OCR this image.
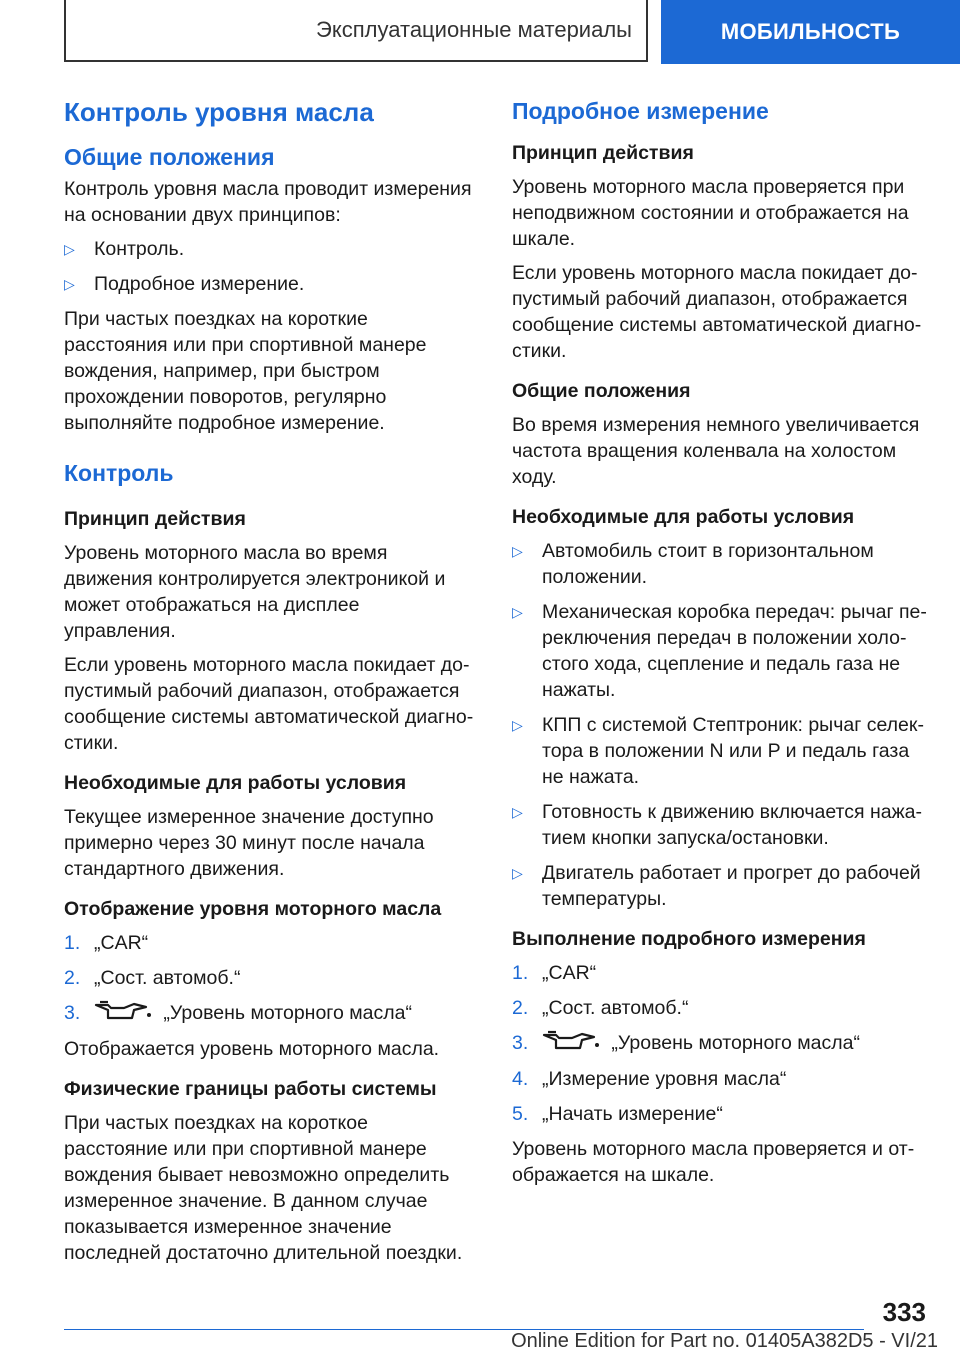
Эксплуатационные материалы	МОБИЛЬНОСТЬ
Контроль уровня масла
Общие положения

Контроль уровня масла проводит измерения на основании двух принципов:

▷ Контроль.
▷ Подробное измерение.

При частых поездках на короткие расстояния или при спортивной манере вождения, например, при быстром прохождении поворотов, регулярно выполняйте подробное измерение.

Контроль
Принцип действия

Уровень моторного масла во время движения контролируется электроникой и может отображаться на дисплее управления.

Если уровень моторного масла покидает допустимый рабочий диапазон, отображается сообщение системы автоматической диагностики.

Необходимые для работы условия

Текущее измеренное значение доступно примерно через 30 минут после начала стандартного движения.

Отображение уровня моторного масла
1. „CAR“
2. „Сост. автомоб.“
3.	„Уровень моторного масла“

Отображается уровень моторного масла.

Физические границы работы системы

При частых поездках на короткое расстояние или при спортивной манере вождения бывает невозможно определить измеренное значение. В данном случае показывается измеренное значение последней достаточно длительной поездки.

Подробное измерение
Принцип действия

Уровень моторного масла проверяется при неподвижном состоянии и отображается на шкале.

Если уровень моторного масла покидает допустимый рабочий диапазон, отображается сообщение системы автоматической диагностики.

Общие положения

Во время измерения немного увеличивается частота вращения коленвала на холостом ходу.

Необходимые для работы условия
▷ Автомобиль стоит в горизонтальном положении.
▷ Механическая коробка передач: рычаг переключения передач в положении холостого хода, сцепление и педаль газа не нажаты.
▷ КПП с системой Стептроник: рычаг селектора в положении N или P и педаль газа не нажата.
▷ Готовность к движению включается нажатием кнопки запуска/остановки.
▷ Двигатель работает и прогрет до рабочей температуры.
Выполнение подробного измерения
1. „CAR“
2. „Сост. автомоб.“
3.	„Уровень моторного масла“
4. „Измерение уровня масла“
5. „Начать измерение“

Уровень моторного масла проверяется и отображается на шкале.

333
Online Edition for Part no. 01405A382D5 - VI/21
